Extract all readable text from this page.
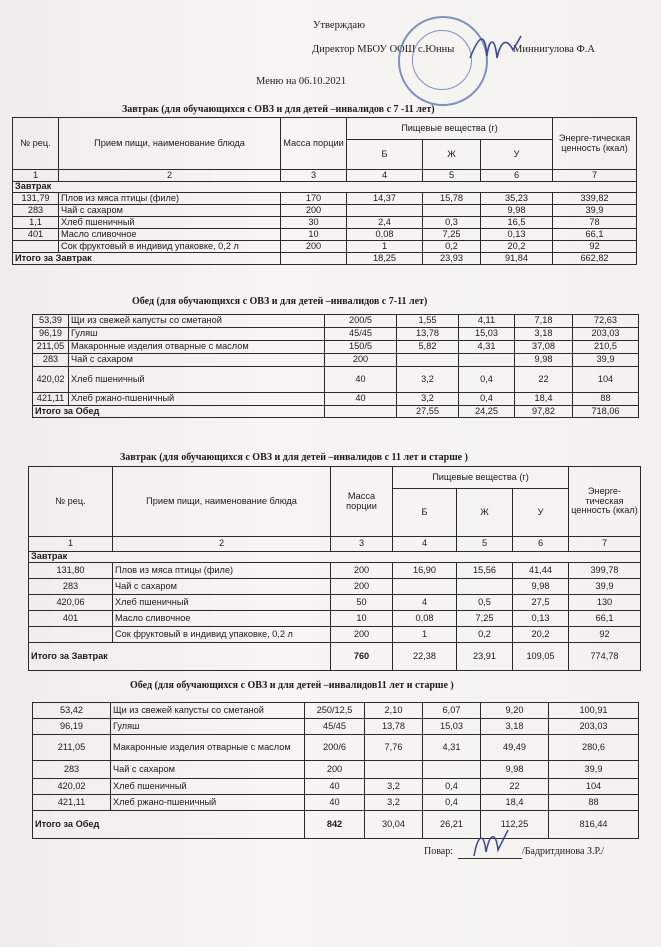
Утверждаю
Директор МБОУ ООШ с.Юнны	Миннигулова Ф.А
Меню на 06.10.2021
Завтрак (для обучающихся с ОВЗ и для детей –инвалидов с 7 -11 лет)
№ рец.	Прием пищи, наименование блюда	Масса порции	Пищевые вещества (г)			Энерге-тическая ценность (ккал)
			Б	Ж	У	
1	2	3	4	5	6	7
Завтрак						
131,79	Плов из мяса птицы (филе)	170	14,37	15,78	35,23	339,82
283	Чай с сахаром	200			9,98	39,9
1,1	Хлеб пшеничный	30	2,4	0,3	16,5	78
401	Масло сливочное	10	0,08	7,25	0,13	66,1
	Сок фруктовый в индивид упаковке, 0,2 л	200	1	0,2	20,2	92
Итого за Завтрак			18,25	23,93	91,84	662,82
Обед (для обучающихся с ОВЗ и для детей –инвалидов с 7-11 лет)
53,39	Щи из свежей капусты со сметаной	200/5	1,55	4,11	7,18	72,63
96,19	Гуляш	45/45	13,78	15,03	3,18	203,03
211,05	Макаронные изделия отварные с маслом	150/5	5,82	4,31	37,08	210,5
283	Чай с сахаром	200			9,98	39,9
420,02	Хлеб пшеничный	40	3,2	0,4	22	104
421,11	Хлеб ржано-пшеничный	40	3,2	0,4	18,4	88
Итого за Обед			27,55	24,25	97,82	718,06
Завтрак (для обучающихся с ОВЗ и для детей –инвалидов с 11 лет и старше )
№ рец.	Прием пищи, наименование блюда	Масса порции	Пищевые вещества (г)			Энерге-тическая ценность (ккал)
			Б	Ж	У	
1	2	3	4	5	6	7
Завтрак						
131,80	Плов из мяса птицы (филе)	200	16,90	15,56	41,44	399,78
283	Чай с сахаром	200			9,98	39,9
420,06	Хлеб пшеничный	50	4	0,5	27,5	130
401	Масло сливочное	10	0,08	7,25	0,13	66,1
	Сок фруктовый в индивид упаковке, 0,2 л	200	1	0,2	20,2	92
Итого за Завтрак		760	22,38	23,91	109,05	774,78
Обед (для обучающихся с ОВЗ и для детей –инвалидов11 лет и старше )
53,42	Щи из свежей капусты со сметаной	250/12,5	2,10	6,07	9,20	100,91
96,19	Гуляш	45/45	13,78	15,03	3,18	203,03
211,05	Макаронные изделия отварные с маслом	200/6	7,76	4,31	49,49	280,6
283	Чай с сахаром	200			9,98	39,9
420,02	Хлеб пшеничный	40	3,2	0,4	22	104
421,11	Хлеб ржано-пшеничный	40	3,2	0,4	18,4	88
Итого за Обед		842	30,04	26,21	112,25	816,44
Повар:	/Бадритдинова З.Р./
